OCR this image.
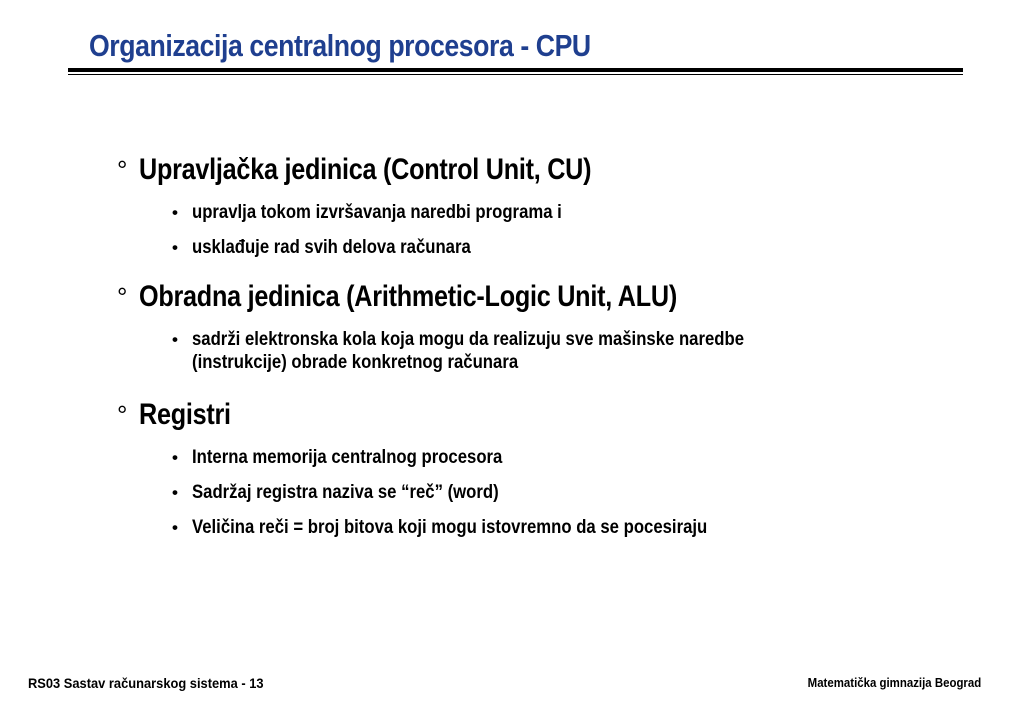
Organizacija centralnog procesora - CPU
° Upravljačka jedinica (Control Unit, CU)
• upravlja tokom izvršavanja naredbi programa i
• usklađuje rad svih delova računara
° Obradna jedinica (Arithmetic-Logic Unit, ALU)
• sadrži elektronska kola koja mogu da realizuju sve mašinske naredbe
(instrukcije) obrade konkretnog računara
° Registri
• Interna memorija centralnog procesora
• Sadržaj registra naziva se “reč” (word)
• Veličina reči = broj bitova koji mogu istovremno da se pocesiraju
RS03 Sastav računarskog sistema - 13	Matematička gimnazija Beograd
